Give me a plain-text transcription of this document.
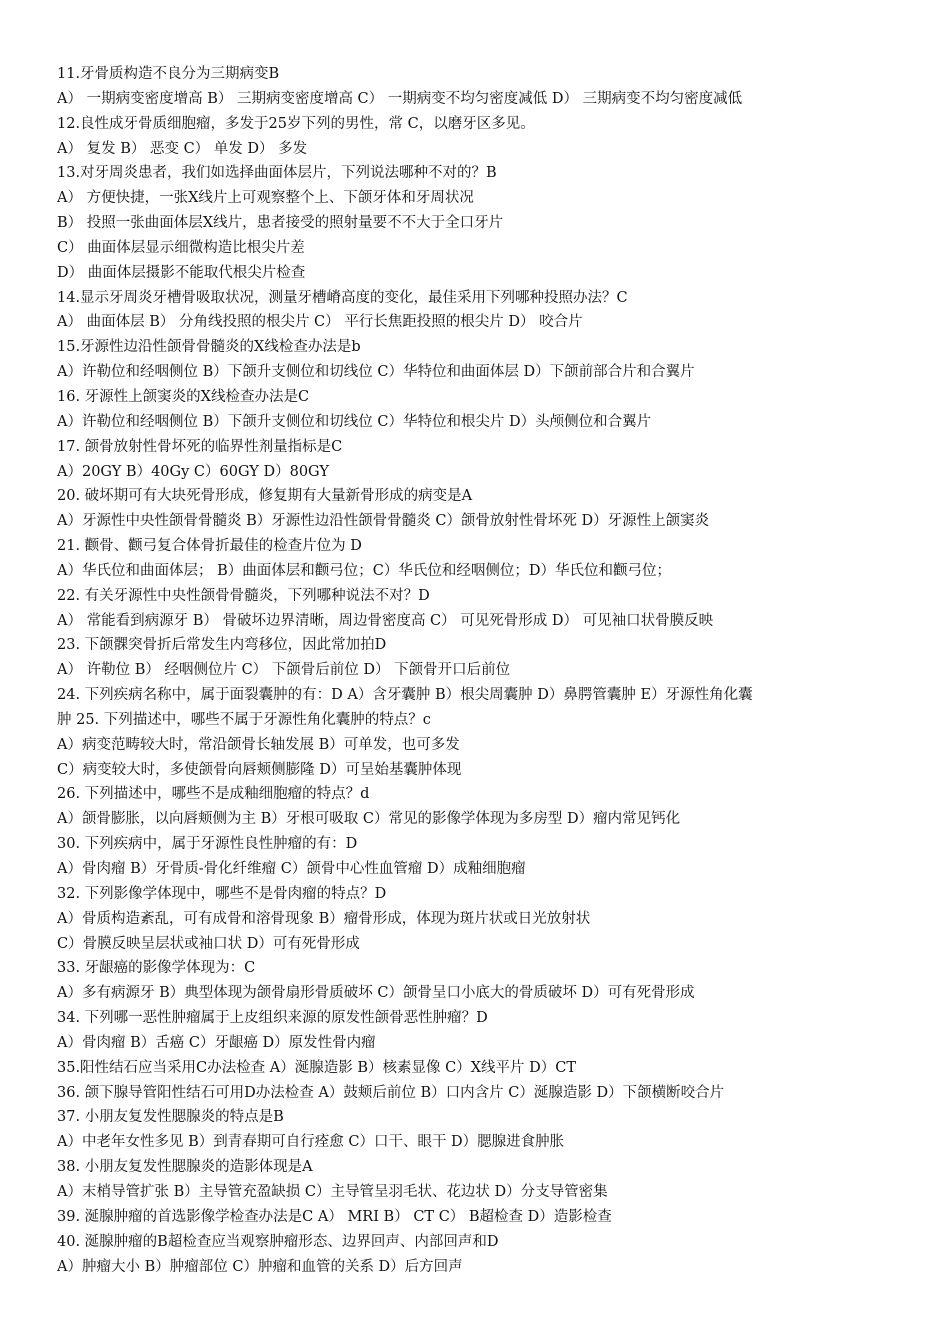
11.牙骨质构造不良分为三期病变B
A） 一期病变密度增高 B） 三期病变密度增高 C） 一期病变不均匀密度减低 D） 三期病变不均匀密度减低
12.良性成牙骨质细胞瘤，多发于25岁下列的男性，常 C，以磨牙区多见。
A） 复发 B） 恶变 C） 单发 D） 多发
13.对牙周炎患者，我们如选择曲面体层片，下列说法哪种不对的？B
A） 方便快捷，一张X线片上可观察整个上、下颌牙体和牙周状况
B） 投照一张曲面体层X线片，患者接受的照射量要不不大于全口牙片
C） 曲面体层显示细微构造比根尖片差
D） 曲面体层摄影不能取代根尖片检查
14.显示牙周炎牙槽骨吸取状况，测量牙槽嵴高度的变化，最佳采用下列哪种投照办法？C
A） 曲面体层 B） 分角线投照的根尖片 C） 平行长焦距投照的根尖片 D） 咬合片
15.牙源性边沿性颌骨骨髓炎的X线检查办法是b
A）许勒位和经咽侧位 B）下颌升支侧位和切线位 C）华特位和曲面体层 D）下颌前部合片和合翼片
16. 牙源性上颌窦炎的X线检查办法是C
A）许勒位和经咽侧位 B）下颌升支侧位和切线位 C）华特位和根尖片 D）头颅侧位和合翼片
17. 颌骨放射性骨坏死的临界性剂量指标是C
A）20GY B）40Gy C）60GY D）80GY
20. 破坏期可有大块死骨形成，修复期有大量新骨形成的病变是A
A）牙源性中央性颌骨骨髓炎 B）牙源性边沿性颌骨骨髓炎 C）颌骨放射性骨坏死 D）牙源性上颌窦炎
21. 颧骨、颧弓复合体骨折最佳的检查片位为 D
A）华氏位和曲面体层； B）曲面体层和颧弓位；C）华氏位和经咽侧位；D）华氏位和颧弓位；
22. 有关牙源性中央性颌骨骨髓炎，下列哪种说法不对？D
A） 常能看到病源牙 B） 骨破坏边界清晰，周边骨密度高 C） 可见死骨形成 D） 可见袖口状骨膜反映
23. 下颌髁突骨折后常发生内弯移位，因此常加拍D
A） 许勒位 B） 经咽侧位片 C） 下颌骨后前位 D） 下颌骨开口后前位
24. 下列疾病名称中，属于面裂囊肿的有：D A）含牙囊肿 B）根尖周囊肿 D）鼻腭管囊肿 E）牙源性角化囊
肿 25. 下列描述中，哪些不属于牙源性角化囊肿的特点？c
A）病变范畴较大时，常沿颌骨长轴发展 B）可单发，也可多发
C）病变较大时，多使颌骨向唇颊侧膨隆 D）可呈始基囊肿体现
26. 下列描述中，哪些不是成釉细胞瘤的特点？d
A）颌骨膨胀，以向唇颊侧为主 B）牙根可吸取 C）常见的影像学体现为多房型 D）瘤内常见钙化
30. 下列疾病中，属于牙源性良性肿瘤的有：D
A）骨肉瘤 B）牙骨质-骨化纤维瘤 C）颌骨中心性血管瘤 D）成釉细胞瘤
32. 下列影像学体现中，哪些不是骨肉瘤的特点？D
A）骨质构造紊乱，可有成骨和溶骨现象 B）瘤骨形成，体现为斑片状或日光放射状
C）骨膜反映呈层状或袖口状 D）可有死骨形成
33. 牙龈癌的影像学体现为：C
A）多有病源牙 B）典型体现为颌骨扇形骨质破坏 C）颌骨呈口小底大的骨质破坏 D）可有死骨形成
34. 下列哪一恶性肿瘤属于上皮组织来源的原发性颌骨恶性肿瘤？D
A）骨肉瘤 B）舌癌 C）牙龈癌 D）原发性骨内瘤
35.阳性结石应当采用C办法检查 A）涎腺造影 B）核素显像 C）X线平片 D）CT
36. 颌下腺导管阳性结石可用D办法检查 A）鼓颊后前位 B）口内含片 C）涎腺造影 D）下颌横断咬合片
37. 小朋友复发性腮腺炎的特点是B
A）中老年女性多见 B）到青春期可自行痊愈 C）口干、眼干 D）腮腺进食肿胀
38. 小朋友复发性腮腺炎的造影体现是A
A）末梢导管扩张 B）主导管充盈缺损 C）主导管呈羽毛状、花边状 D）分支导管密集
39. 涎腺肿瘤的首选影像学检查办法是C A） MRI B） CT C） B超检查 D）造影检查
40. 涎腺肿瘤的B超检查应当观察肿瘤形态、边界回声、内部回声和D
A）肿瘤大小 B）肿瘤部位 C）肿瘤和血管的关系 D）后方回声
